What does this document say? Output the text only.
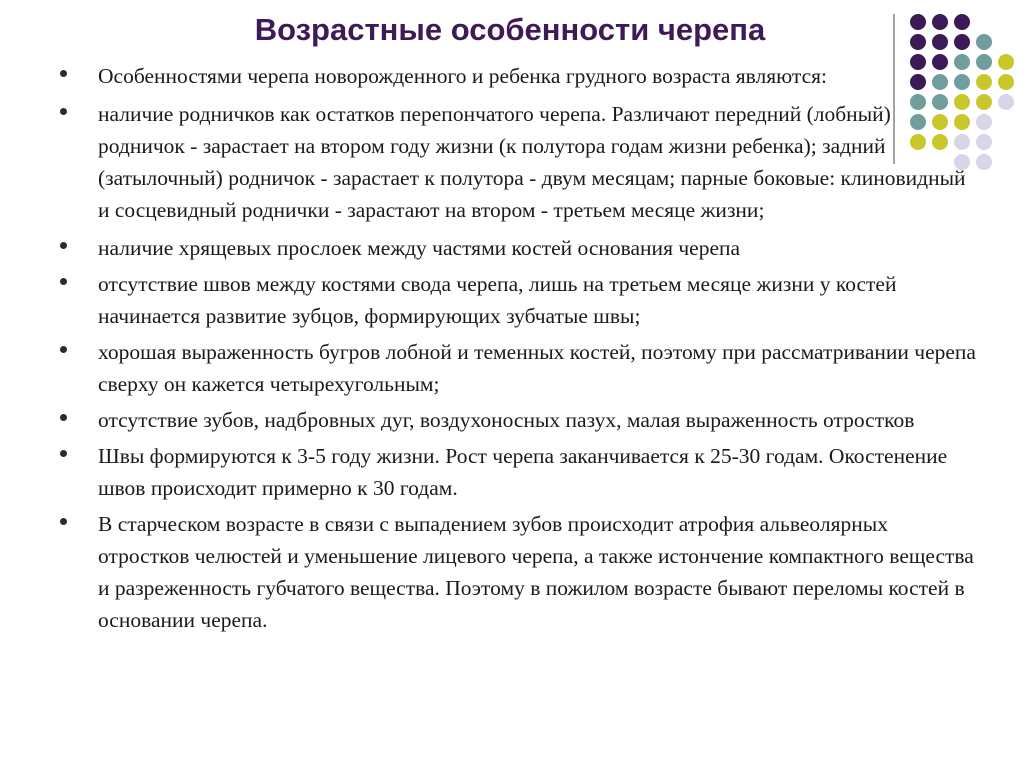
Возрастные особенности черепа
Особенностями черепа новорожденного и ребенка грудного возраста являются:
наличие родничков как остатков перепончатого черепа. Различают передний (лобный) родничок - зарастает на втором году жизни (к полутора годам жизни ребенка); задний (затылочный) родничок - зарастает к полутора - двум месяцам; парные боковые: клиновидный и сосцевидный роднички - зарастают на втором - третьем месяце жизни;
наличие хрящевых прослоек между частями костей основания черепа
отсутствие швов между костями свода черепа, лишь на третьем месяце жизни у костей начинается развитие зубцов, формирующих зубчатые швы;
хорошая выраженность бугров лобной и теменных костей, поэтому при рассматривании черепа сверху он кажется четырехугольным;
отсутствие зубов, надбровных дуг, воздухоносных пазух, малая выраженность отростков
Швы формируются к 3-5 году жизни. Рост черепа заканчивается к 25-30 годам. Окостенение швов происходит примерно к 30 годам.
В старческом возрасте в связи с выпадением зубов происходит атрофия альвеолярных отростков челюстей и уменьшение лицевого черепа, а также истончение компактного вещества и разреженность губчатого вещества. Поэтому в пожилом возрасте бывают переломы костей в основании черепа.
